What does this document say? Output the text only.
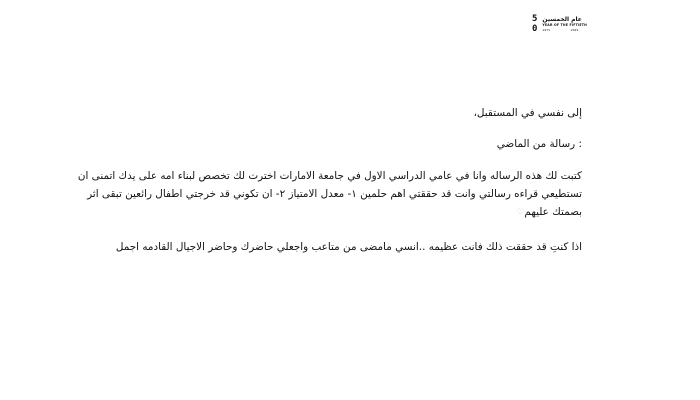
5
0
عام الخمسين
YEAR OF THE FIFTIETH
1971	2021
إلى نفسي في المستقبل،
: رسالة من الماضي
كتبت لك هذه الرساله وانا في عامي الدراسي الاول في جامعة الامارات اخترت لك تخصص لبناء امه على يدك اتمنى ان
تستطيعي قراءه رسالتي وانت قد حققتي اهم حلمين ١- معدل الامتياز ٢- ان تكوني قد خرجتي اطفال رائعين تبقى اثر
بصمتك عليهم♡
اذا كنتِ قد حققت ذلك فانت عظيمه ..انسي مامضى من متاعب واجعلي حاضرك وحاضر الاجيال القادمه اجمل
